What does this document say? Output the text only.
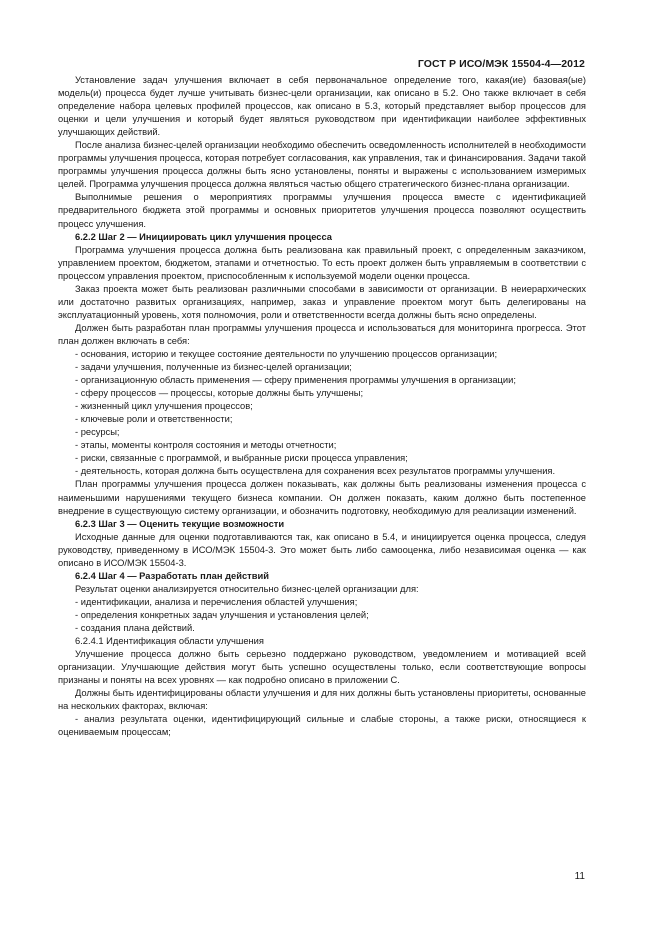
ГОСТ Р ИСО/МЭК 15504-4—2012

Установление задач улучшения включает в себя первоначальное определение того, какая(ие) базовая(ые) модель(и) процесса будет лучше учитывать бизнес-цели организации, как описано в 5.2. Оно также включает в себя определение набора целевых профилей процессов, как описано в 5.3, который представляет выбор процессов для оценки и цели улучшения и который будет являться руководством при идентификации наиболее эффективных улучшающих действий.

После анализа бизнес-целей организации необходимо обеспечить осведомленность исполнителей в необходимости программы улучшения процесса, которая потребует согласования, как управления, так и финансирования. Задачи такой программы улучшения процесса должны быть ясно установлены, поняты и выражены с использованием измеримых целей. Программа улучшения процесса должна являться частью общего стратегического бизнес-плана организации.

Выполнимые решения о мероприятиях программы улучшения процесса вместе с идентификацией предварительного бюджета этой программы и основных приоритетов улучшения процесса позволяют осуществить процесс улучшения.

6.2.2 Шаг 2 — Инициировать цикл улучшения процесса

Программа улучшения процесса должна быть реализована как правильный проект, с определенным заказчиком, управлением проектом, бюджетом, этапами и отчетностью. То есть проект должен быть управляемым в соответствии с процессом управления проектом, приспособленным к используемой модели оценки процесса.

Заказ проекта может быть реализован различными способами в зависимости от организации. В неиерархических или достаточно развитых организациях, например, заказ и управление проектом могут быть делегированы на эксплуатационный уровень, хотя полномочия, роли и ответственности всегда должны быть ясно определены.

Должен быть разработан план программы улучшения процесса и использоваться для мониторинга прогресса. Этот план должен включать в себя:

- основания, историю и текущее состояние деятельности по улучшению процессов организации;

- задачи улучшения, полученные из бизнес-целей организации;

- организационную область применения — сферу применения программы улучшения в организации;

- сферу процессов — процессы, которые должны быть улучшены;

- жизненный цикл улучшения процессов;

- ключевые роли и ответственности;

- ресурсы;

- этапы, моменты контроля состояния и методы отчетности;

- риски, связанные с программой, и выбранные риски процесса управления;

- деятельность, которая должна быть осуществлена для сохранения всех результатов программы улучшения.

План программы улучшения процесса должен показывать, как должны быть реализованы изменения процесса с наименьшими нарушениями текущего бизнеса компании. Он должен показать, каким должно быть постепенное внедрение в существующую систему организации, и обозначить подготовку, необходимую для реализации изменений.

6.2.3 Шаг 3 — Оценить текущие возможности

Исходные данные для оценки подготавливаются так, как описано в 5.4, и инициируется оценка процесса, следуя руководству, приведенному в ИСО/МЭК 15504-3. Это может быть либо самооценка, либо независимая оценка — как описано в ИСО/МЭК 15504-3.

6.2.4 Шаг 4 — Разработать план действий

Результат оценки анализируется относительно бизнес-целей организации для:

- идентификации, анализа и перечисления областей улучшения;

- определения конкретных задач улучшения и установления целей;

- создания плана действий.

6.2.4.1 Идентификация области улучшения

Улучшение процесса должно быть серьезно поддержано руководством, уведомлением и мотивацией всей организации. Улучшающие действия могут быть успешно осуществлены только, если соответствующие вопросы признаны и поняты на всех уровнях — как подробно описано в приложении С.

Должны быть идентифицированы области улучшения и для них должны быть установлены приоритеты, основанные на нескольких факторах, включая:

- анализ результата оценки, идентифицирующий сильные и слабые стороны, а также риски, относящиеся к оцениваемым процессам;

11
